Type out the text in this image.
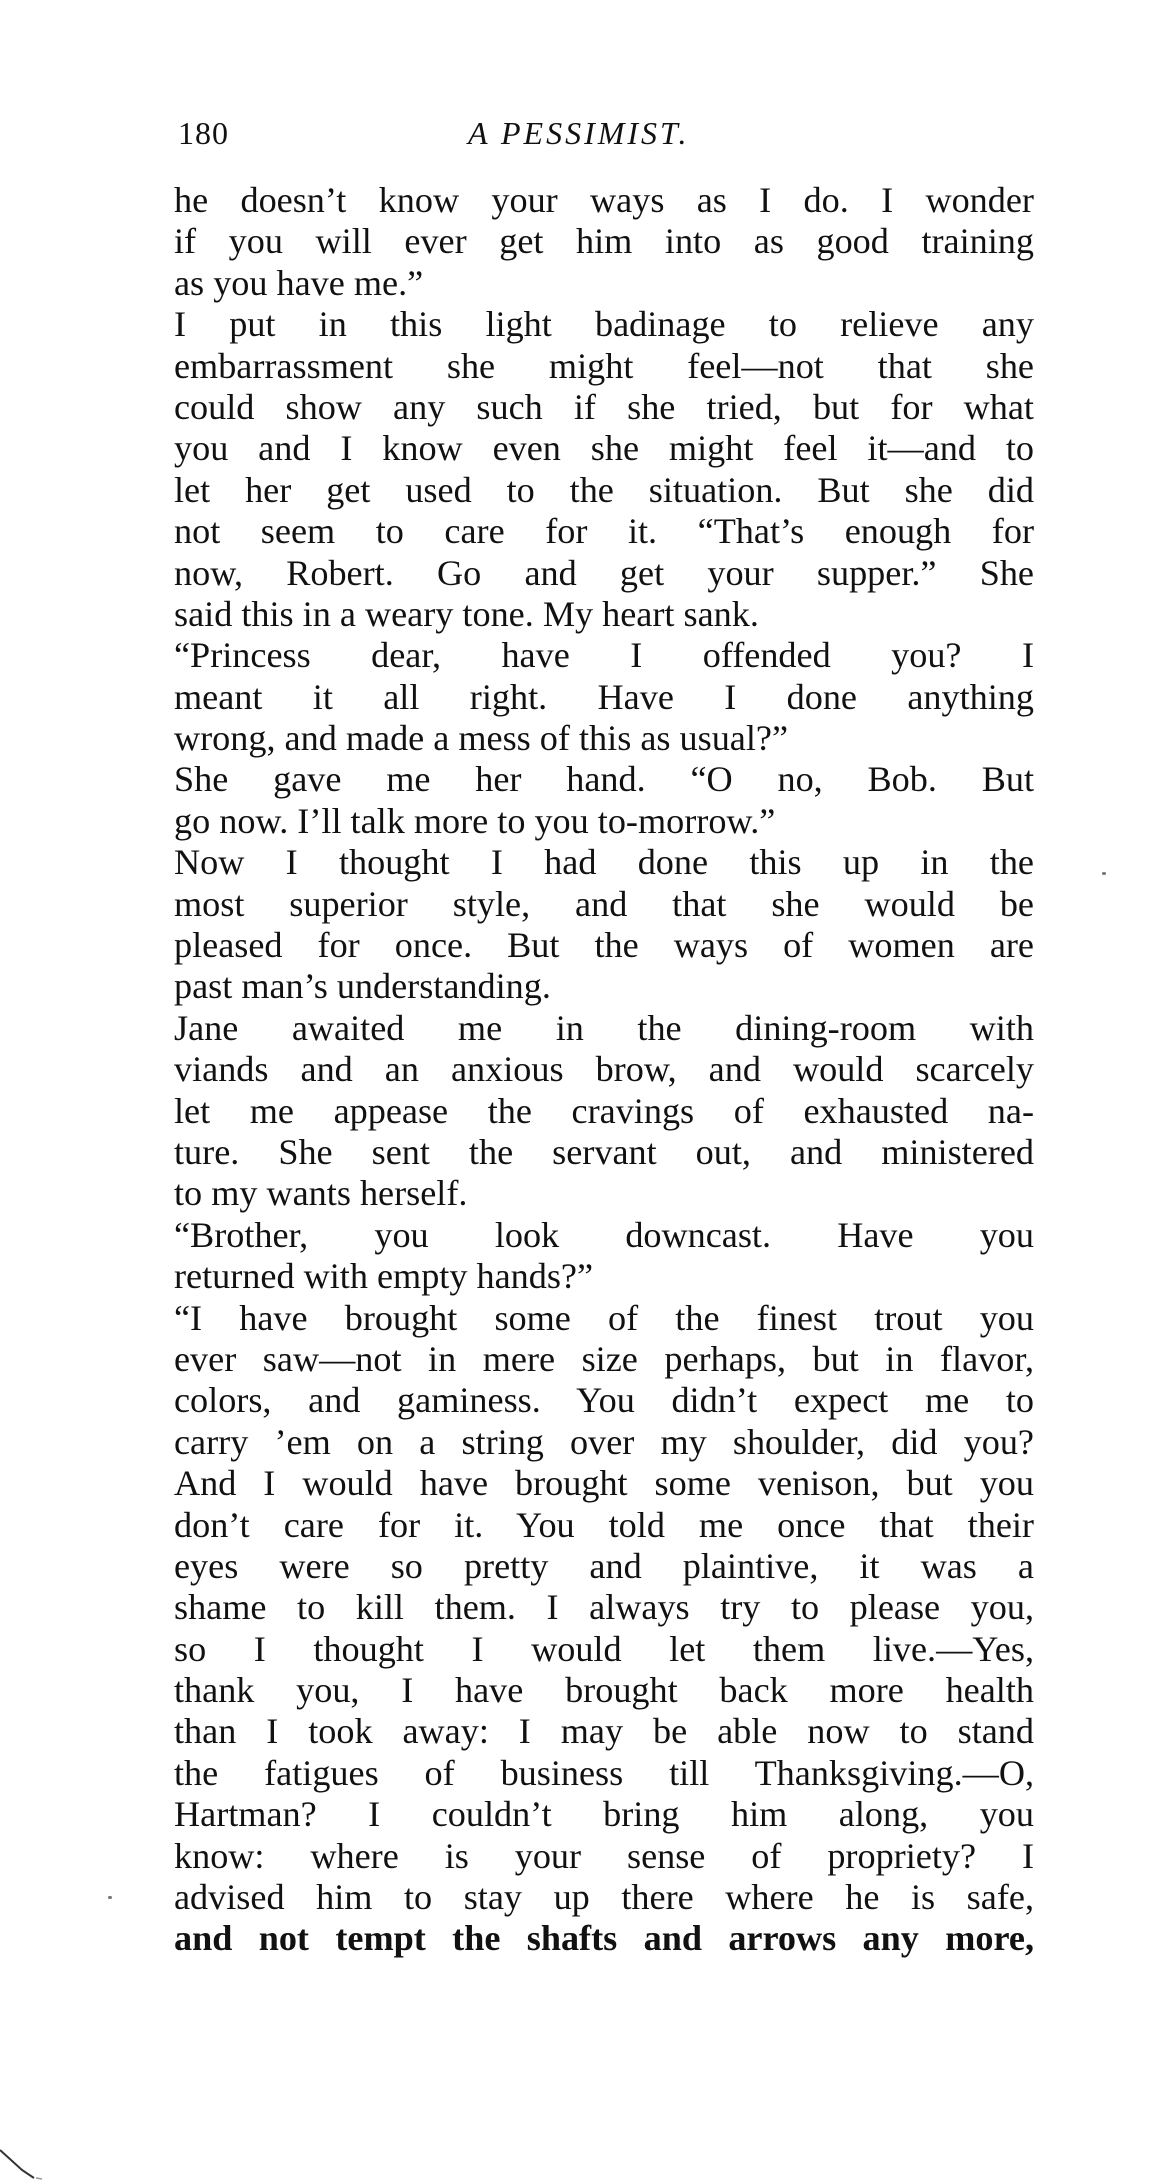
180	A PESSIMIST.
he doesn’t know your ways as I do. I wonder
if you will ever get him into as good training
as you have me.”
I put in this light badinage to relieve any
embarrassment she might feel—not that she
could show any such if she tried, but for what
you and I know even she might feel it—and to
let her get used to the situation. But she did
not seem to care for it. “That’s enough for
now, Robert. Go and get your supper.” She
said this in a weary tone. My heart sank.
“Princess dear, have I offended you? I
meant it all right. Have I done anything
wrong, and made a mess of this as usual?”
She gave me her hand. “O no, Bob. But
go now. I’ll talk more to you to-morrow.”
Now I thought I had done this up in the
most superior style, and that she would be
pleased for once. But the ways of women are
past man’s understanding.
Jane awaited me in the dining-room with
viands and an anxious brow, and would scarcely
let me appease the cravings of exhausted na-
ture. She sent the servant out, and ministered
to my wants herself.
“Brother, you look downcast. Have you
returned with empty hands?”
“I have brought some of the finest trout you
ever saw—not in mere size perhaps, but in flavor,
colors, and gaminess. You didn’t expect me to
carry ’em on a string over my shoulder, did you?
And I would have brought some venison, but you
don’t care for it. You told me once that their
eyes were so pretty and plaintive, it was a
shame to kill them. I always try to please you,
so I thought I would let them live.—Yes,
thank you, I have brought back more health
than I took away: I may be able now to stand
the fatigues of business till Thanksgiving.—O,
Hartman? I couldn’t bring him along, you
know: where is your sense of propriety? I
advised him to stay up there where he is safe,
and not tempt the shafts and arrows any more,
